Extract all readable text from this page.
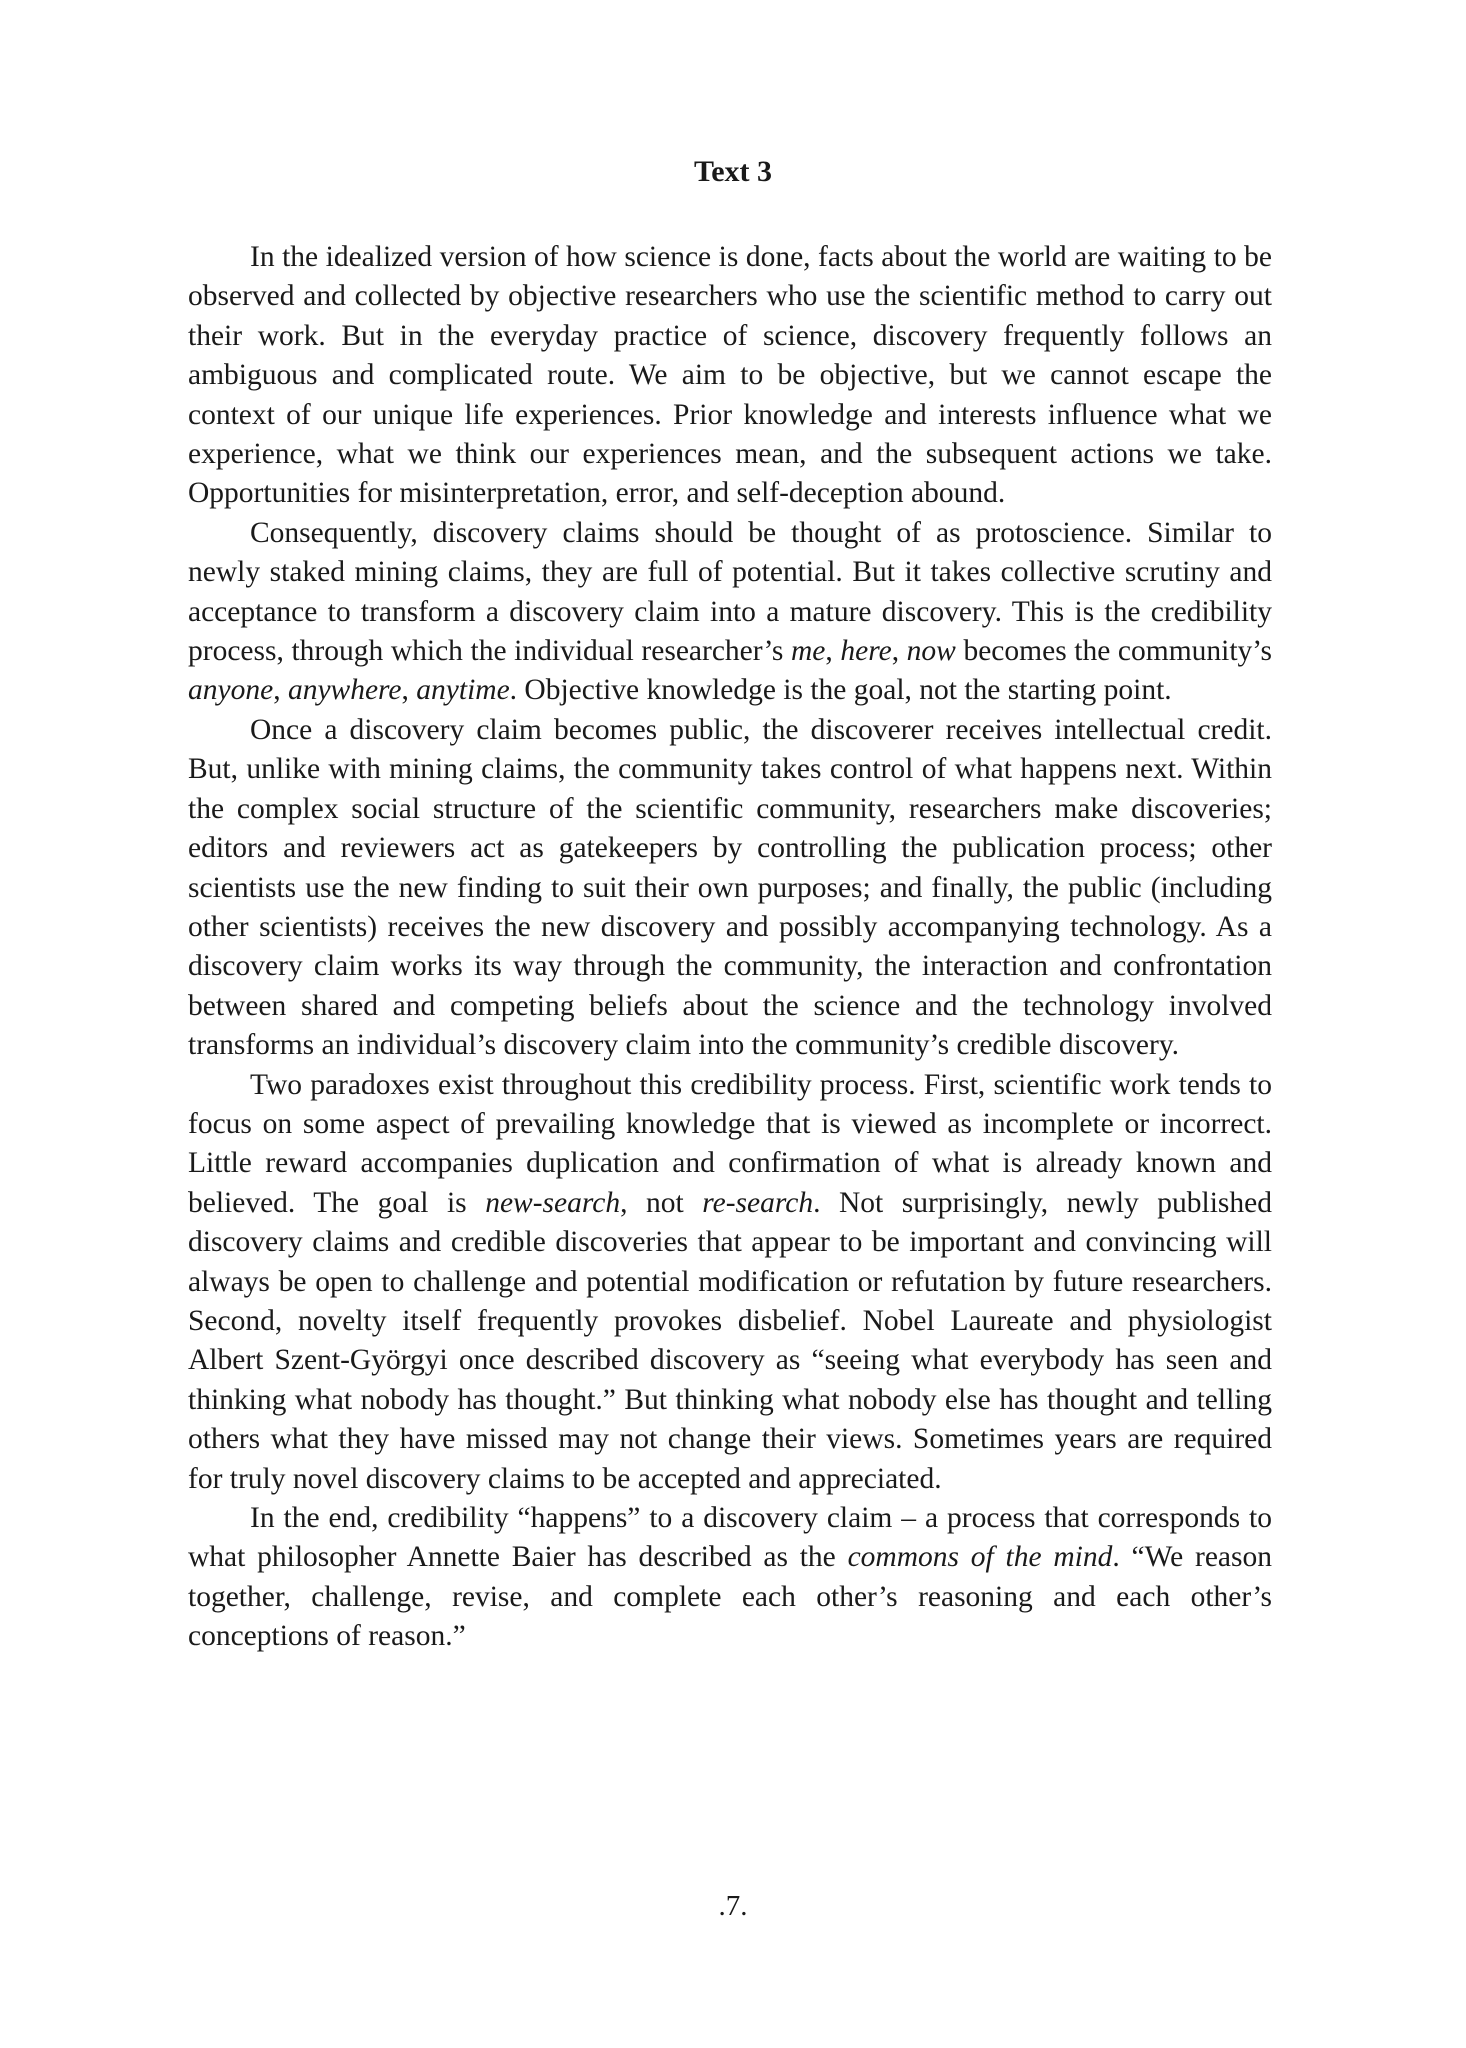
Text 3

In the idealized version of how science is done, facts about the world are waiting to be observed and collected by objective researchers who use the scientific method to carry out their work. But in the everyday practice of science, discovery frequently follows an ambiguous and complicated route. We aim to be objective, but we cannot escape the context of our unique life experiences. Prior knowledge and interests influence what we experience, what we think our experiences mean, and the subsequent actions we take. Opportunities for misinterpretation, error, and self-deception abound.

Consequently, discovery claims should be thought of as protoscience. Similar to newly staked mining claims, they are full of potential. But it takes collective scrutiny and acceptance to transform a discovery claim into a mature discovery. This is the credibility process, through which the individual researcher’s me, here, now becomes the community’s anyone, anywhere, anytime. Objective knowledge is the goal, not the starting point.

Once a discovery claim becomes public, the discoverer receives intellectual credit. But, unlike with mining claims, the community takes control of what happens next. Within the complex social structure of the scientific community, researchers make discoveries; editors and reviewers act as gatekeepers by controlling the publication process; other scientists use the new finding to suit their own purposes; and finally, the public (including other scientists) receives the new discovery and possibly accompanying technology. As a discovery claim works its way through the community, the interaction and confrontation between shared and competing beliefs about the science and the technology involved transforms an individual’s discovery claim into the community’s credible discovery.

Two paradoxes exist throughout this credibility process. First, scientific work tends to focus on some aspect of prevailing knowledge that is viewed as incomplete or incorrect. Little reward accompanies duplication and confirmation of what is already known and believed. The goal is new-search, not re-search. Not surprisingly, newly published discovery claims and credible discoveries that appear to be important and convincing will always be open to challenge and potential modification or refutation by future researchers. Second, novelty itself frequently provokes disbelief. Nobel Laureate and physiologist Albert Szent-Györgyi once described discovery as “seeing what everybody has seen and thinking what nobody has thought.” But thinking what nobody else has thought and telling others what they have missed may not change their views. Sometimes years are required for truly novel discovery claims to be accepted and appreciated.

In the end, credibility “happens” to a discovery claim – a process that corresponds to what philosopher Annette Baier has described as the commons of the mind. “We reason together, challenge, revise, and complete each other’s reasoning and each other’s conceptions of reason.”

.7.
